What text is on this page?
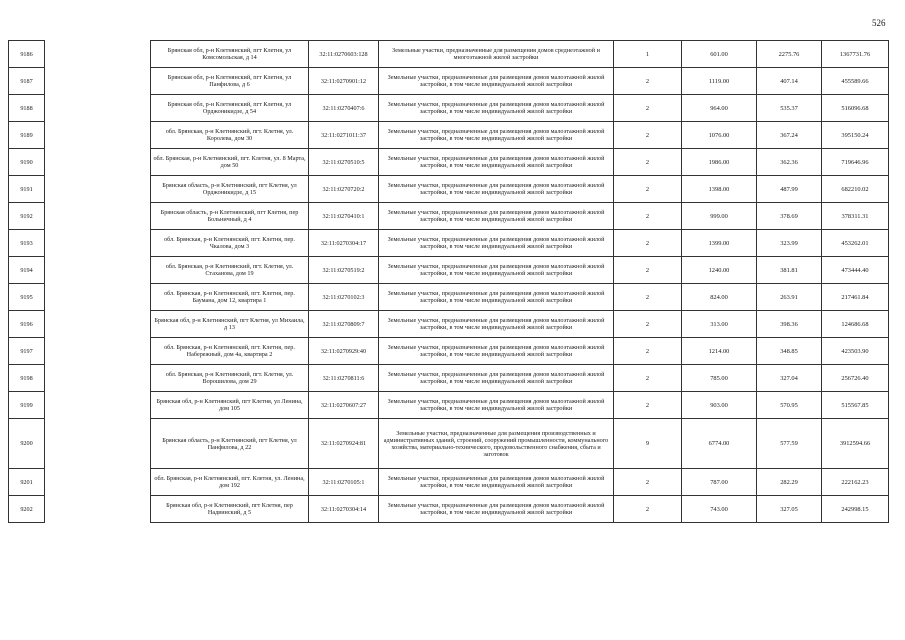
526
9186		Брянская обл, р-н Клетнянский, пгт Клетня, ул Комсомольская, д 14	32:11:0270603:128	Земельные участки, предназначенные для размещения домов среднеэтажной и многоэтажной жилой застройки	1	601.00	2275.76	1367731.76
9187		Брянская обл, р-н Клетнянский, пгт Клетня, ул Панфилова, д 6	32:11:0270901:12	Земельные участки, предназначенные для размещения домов малоэтажной жилой застройки, в том числе индивидуальной жилой застройки	2	1119.00	407.14	455589.66
9188		Брянская обл, р-н Клетнянский, пгт Клетня, ул Орджоникидзе, д 54	32:11:0270407:6	Земельные участки, предназначенные для размещения домов малоэтажной жилой застройки, в том числе индивидуальной жилой застройки	2	964.00	535.37	516096.68
9189		обл. Брянская, р-н Клетнянский, пгт. Клетня, ул. Королева, дом 30	32:11:0271011:37	Земельные участки, предназначенные для размещения домов малоэтажной жилой застройки, в том числе индивидуальной жилой застройки	2	1076.00	367.24	395150.24
9190		обл. Брянская, р-н Клетнянский, пгт. Клетня, ул. 8 Марта, дом 50	32:11:0270510:5	Земельные участки, предназначенные для размещения домов малоэтажной жилой застройки, в том числе индивидуальной жилой застройки	2	1986.00	362.36	719646.96
9191		Брянская область, р-н Клетнянский, пгт Клетня, ул Орджоникидзе, д 15	32:11:0270720:2	Земельные участки, предназначенные для размещения домов малоэтажной жилой застройки, в том числе индивидуальной жилой застройки	2	1398.00	487.99	682210.02
9192		Брянская область, р-н Клетнянский, пгт Клетня, пер Больничный, д 4	32:11:0270410:1	Земельные участки, предназначенные для размещения домов малоэтажной жилой застройки, в том числе индивидуальной жилой застройки	2	999.00	378.69	378311.31
9193		обл. Брянская, р-н Клетнянский, пгт. Клетня, пер. Чкалова, дом 3	32:11:0270304:17	Земельные участки, предназначенные для размещения домов малоэтажной жилой застройки, в том числе индивидуальной жилой застройки	2	1399.00	323.99	453262.01
9194		обл. Брянская, р-н Клетнянский, пгт. Клетня, ул. Стаханова, дом 19	32:11:0270519:2	Земельные участки, предназначенные для размещения домов малоэтажной жилой застройки, в том числе индивидуальной жилой застройки	2	1240.00	381.81	473444.40
9195		обл. Брянская, р-н Клетнянский, пгт. Клетня, пер. Баумана, дом 12, квартира 1	32:11:0270102:3	Земельные участки, предназначенные для размещения домов малоэтажной жилой застройки, в том числе индивидуальной жилой застройки	2	824.00	263.91	217461.84
9196		Брянская обл, р-н Клетнянский, пгт Клетня, ул Михаила, д 13	32:11:0270809:7	Земельные участки, предназначенные для размещения домов малоэтажной жилой застройки, в том числе индивидуальной жилой застройки	2	313.00	398.36	124686.68
9197		обл. Брянская, р-н Клетнянский, пгт. Клетня, пер. Набережный, дом 4а, квартира 2	32:11:0270929:40	Земельные участки, предназначенные для размещения домов малоэтажной жилой застройки, в том числе индивидуальной жилой застройки	2	1214.00	348.85	423503.90
9198		обл. Брянская, р-н Клетнянский, пгт. Клетня, ул. Ворошилова, дом 29	32:11:0270811:6	Земельные участки, предназначенные для размещения домов малоэтажной жилой застройки, в том числе индивидуальной жилой застройки	2	785.00	327.04	256726.40
9199		Брянская обл, р-н Клетнянский, пгт Клетня, ул Ленина, дом 105	32:11:0270607:27	Земельные участки, предназначенные для размещения домов малоэтажной жилой застройки, в том числе индивидуальной жилой застройки	2	903.00	570.95	515567.85
9200		Брянская область, р-н Клетнянский, пгт Клетня, ул Панфилова, д 22	32:11:0270924:81	Земельные участки, предназначенные для размещения производственных и административных зданий, строений, сооружений промышленности, коммунального хозяйства, материально-технического, продовольственного снабжения, сбыта и заготовок	9	6774.00	577.59	3912594.66
9201		обл. Брянская, р-н Клетнянский, пгт. Клетня, ул. Ленина, дом 192	32:11:0270105:1	Земельные участки, предназначенные для размещения домов малоэтажной жилой застройки, в том числе индивидуальной жилой застройки	2	787.00	282.29	222162.23
9202		Брянская обл, р-н Клетнянский, пгт Клетня, пер Надвинский, д 5	32:11:0270304:14	Земельные участки, предназначенные для размещения домов малоэтажной жилой застройки, в том числе индивидуальной жилой застройки	2	743.00	327.05	242998.15
